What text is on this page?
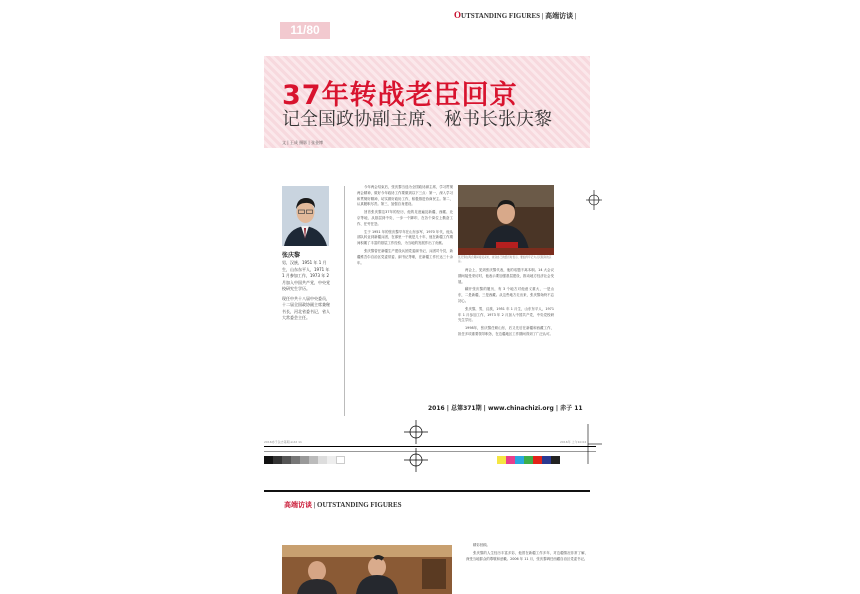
11/80
OUTSTANDING FIGURES | 高端访谈 |
37年转战老臣回京
记全国政协副主席、秘书长张庆黎
文 | 王成 摄影 | 张金博
张庆黎

男，汉族，1951 年 1 月生，山东东平人，1971 年 1 月参加工作，1973 年 2 月加入中国共产党，中央党校研究生学历。

现任中共十八届中央委员，十二届全国政协副主席兼秘书长，河北省委书记，省人大常委会主任。

今年两会结束后，张庆黎当选为全国政协副主席，学习贯彻两会精神，做好今年政协工作要做到以下三点：第一，深入学习和贯彻好精神，切实做好政协工作，积极推进协商民主。第二，认真履职尽责。第三，加强自身建设。

回首张庆黎这37年的经历，他的足迹遍及新疆、西藏、北京等地，从基层到中央，一步一个脚印，在各个岗位上勤奋工作、任劳任怨。

生于 1951 年的张庆黎早年在山东参军，1970 年代，他从部队转业到新疆兵团，在那里一干就是几十年，他在新疆工作期间积累了丰富的基层工作经验，为当地的发展作出了贡献。

张庆黎曾任新疆生产建设兵团党委副书记、兵团司令员，新疆维吾尔自治区党委常委、副书记等职，在新疆工作长达三十余年。

张庆黎在两会期间接受采访，谈到自己的经历时表示，要始终牢记为人民服务的宗旨。

两会上，见到张庆黎代表，他的话题不离本职。14 大会议期间接受采访时，他表示要加强基层建设，推动地方经济社会发展。

翻开张庆黎的履历，有 3 个地方对他意义重大，一是山东，二是新疆，三是西藏。从这些地方走出来，张庆黎始终不忘初心。

张庆黎，男，汉族，1951 年 1 月生，山东东平人，1971 年 1 月参加工作，1973 年 2 月加入中国共产党，中央党校研究生学历。

1998年，张庆黎任职山东，后又先后在新疆和西藏工作，担任多项重要领导职务，在边疆地区工作期间得到了广泛认可。

2016 | 总第371期 | www.chinachizi.org | 赤子 11
2016赤子杂志第期.indd 11	2016年 上午10:02
高端访谈 | OUTSTANDING FIGURES

精彩回顾。

张庆黎的人生经历丰富多彩，他曾在新疆工作多年，对边疆情况非常了解，深受当地群众的尊敬和爱戴。2006 年 11 月，张庆黎调任西藏自治区党委书记。
